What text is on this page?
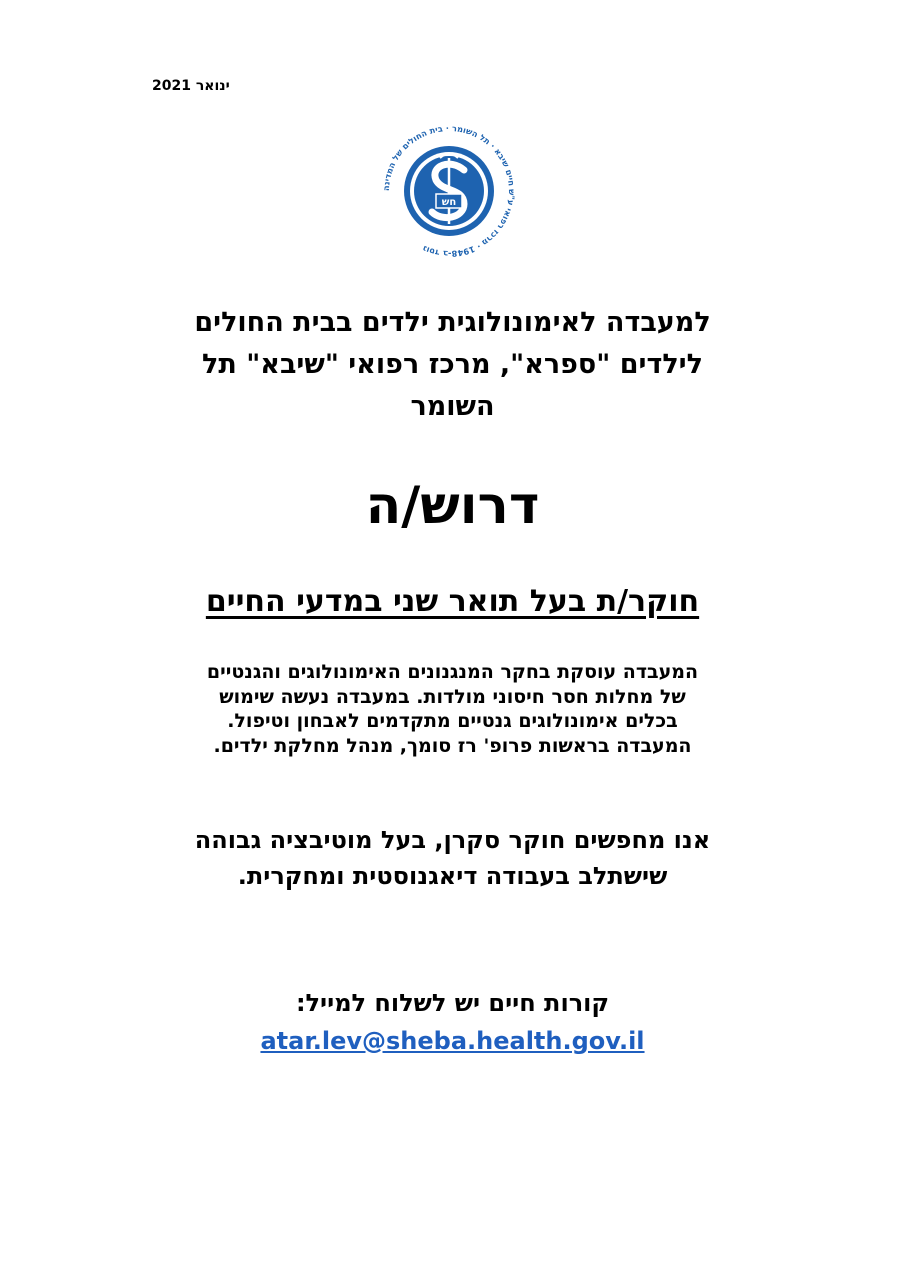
ינואר 2021
נוסד ב-1948 · מרכז רפואי ע"ש חיים שיבא · תל השומר · בית החולים של המדינה
חש
למעבדה לאימונולוגית ילדים בבית החולים
לילדים "ספרא", מרכז רפואי "שיבא" תל
השומר
דרוש/ה
חוקר/ת בעל תואר שני במדעי החיים
המעבדה עוסקת בחקר המנגנונים האימונולוגים והגנטיים
של מחלות חסר חיסוני מולדות. במעבדה נעשה שימוש
בכלים אימונולוגים גנטיים מתקדמים לאבחון וטיפול.
המעבדה בראשות פרופ' רז סומך, מנהל מחלקת ילדים.
אנו מחפשים חוקר סקרן, בעל מוטיבציה גבוהה
שישתלב בעבודה דיאגנוסטית ומחקרית.
קורות חיים יש לשלוח למייל:
atar.lev@sheba.health.gov.il
